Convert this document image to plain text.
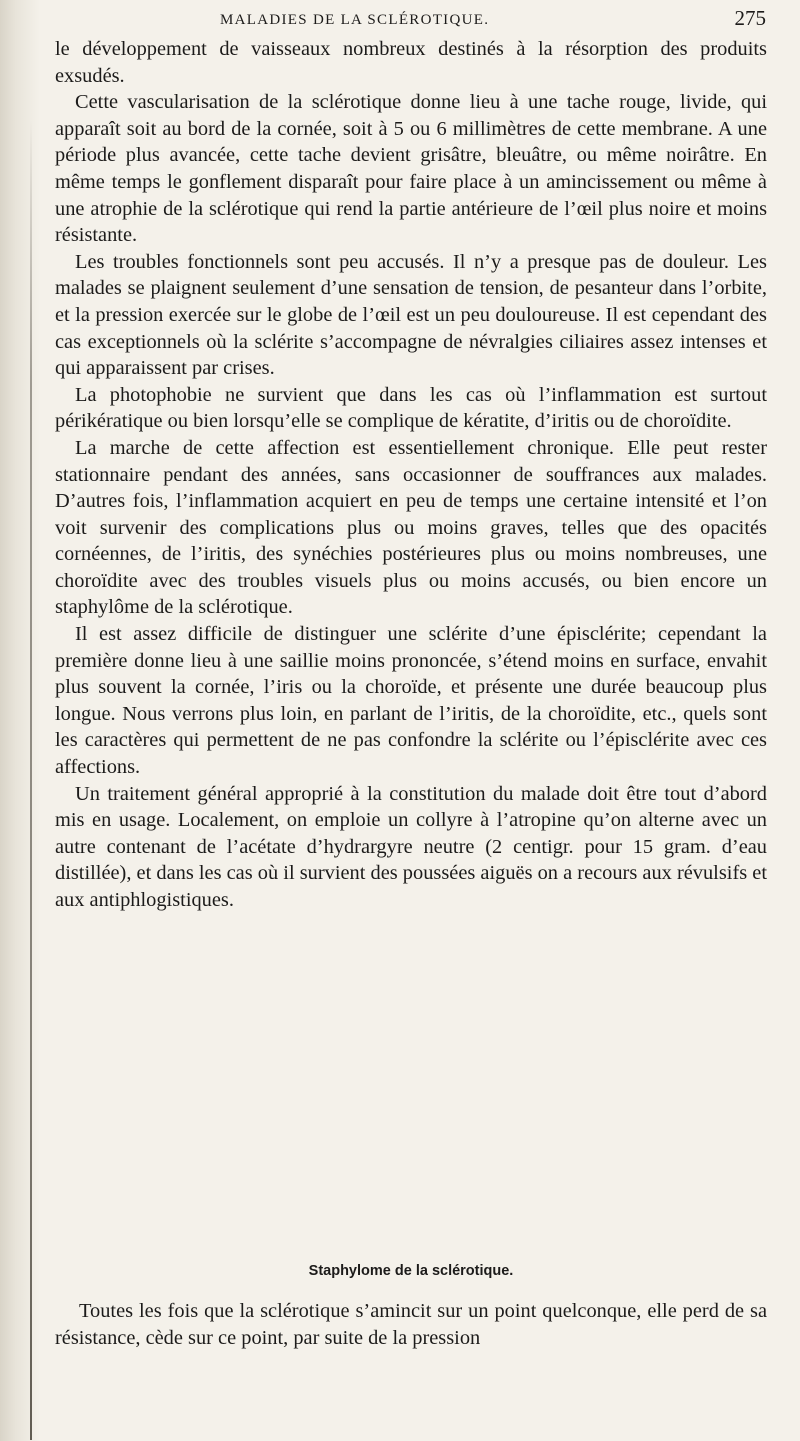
MALADIES DE LA SCLÉROTIQUE.	275

le développement de vaisseaux nombreux destinés à la résorption des produits exsudés.

Cette vascularisation de la sclérotique donne lieu à une tache rouge, livide, qui apparaît soit au bord de la cornée, soit à 5 ou 6 millimètres de cette membrane. A une période plus avancée, cette tache devient grisâtre, bleuâtre, ou même noirâtre. En même temps le gonflement disparaît pour faire place à un amincissement ou même à une atrophie de la sclérotique qui rend la partie antérieure de l’œil plus noire et moins résistante.

Les troubles fonctionnels sont peu accusés. Il n’y a presque pas de douleur. Les malades se plaignent seulement d’une sensation de tension, de pesanteur dans l’orbite, et la pression exercée sur le globe de l’œil est un peu douloureuse. Il est cependant des cas exceptionnels où la sclérite s’accompagne de névralgies ciliaires assez intenses et qui apparaissent par crises.

La photophobie ne survient que dans les cas où l’inflammation est surtout périkératique ou bien lorsqu’elle se complique de kératite, d’iritis ou de choroïdite.

La marche de cette affection est essentiellement chronique. Elle peut rester stationnaire pendant des années, sans occasionner de souffrances aux malades. D’autres fois, l’inflammation acquiert en peu de temps une certaine intensité et l’on voit survenir des complications plus ou moins graves, telles que des opacités cornéennes, de l’iritis, des synéchies postérieures plus ou moins nombreuses, une choroïdite avec des troubles visuels plus ou moins accusés, ou bien encore un staphylôme de la sclérotique.

Il est assez difficile de distinguer une sclérite d’une épisclérite; cependant la première donne lieu à une saillie moins prononcée, s’étend moins en surface, envahit plus souvent la cornée, l’iris ou la choroïde, et présente une durée beaucoup plus longue. Nous verrons plus loin, en parlant de l’iritis, de la choroïdite, etc., quels sont les caractères qui permettent de ne pas confondre la sclérite ou l’épisclérite avec ces affections.

Un traitement général approprié à la constitution du malade doit être tout d’abord mis en usage. Localement, on emploie un collyre à l’atropine qu’on alterne avec un autre contenant de l’acétate d’hydrargyre neutre (2 centigr. pour 15 gram. d’eau distillée), et dans les cas où il survient des poussées aiguës on a recours aux révulsifs et aux antiphlogistiques.

Staphylome de la sclérotique.

Toutes les fois que la sclérotique s’amincit sur un point quelconque, elle perd de sa résistance, cède sur ce point, par suite de la pression
